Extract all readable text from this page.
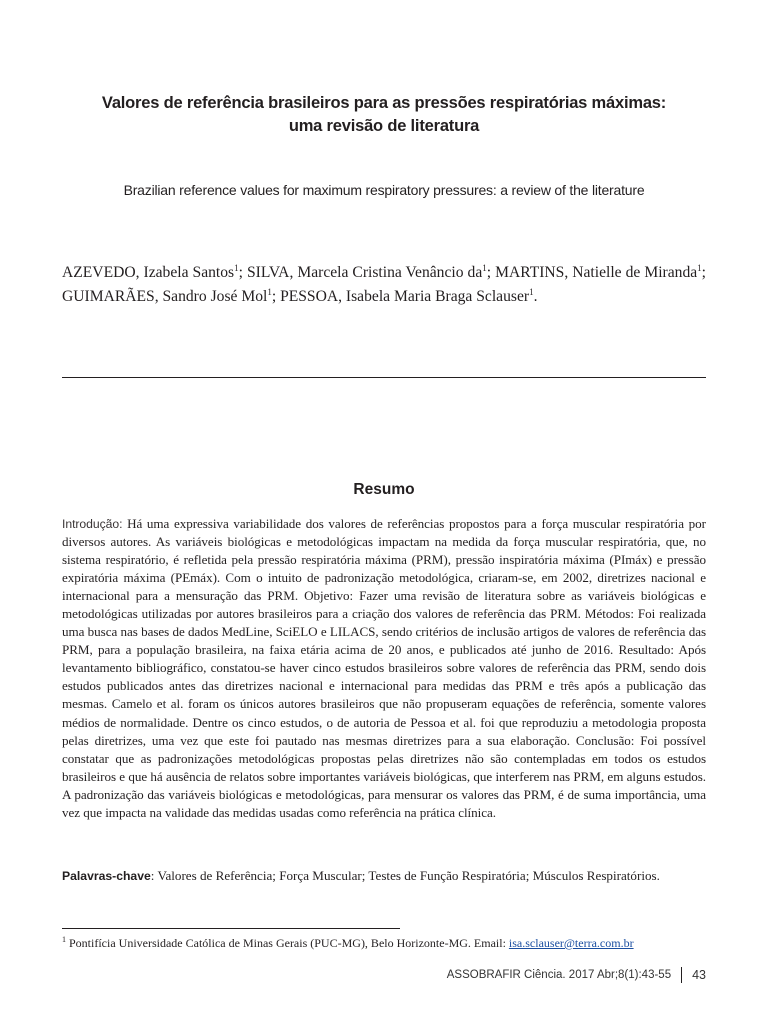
Valores de referência brasileiros para as pressões respiratórias máximas:
uma revisão de literatura
Brazilian reference values for maximum respiratory pressures: a review of the literature
AZEVEDO, Izabela Santos$^1$; SILVA, Marcela Cristina Venâncio $da^1$; MARTINS, Natielle de Miranda$^1$; GUIMARÃES, Sandro José Mol$^1$; PESSOA, Isabela Maria Braga Sclauser$^1$.
Resumo

Introdução: Há uma expressiva variabilidade dos valores de referências propostos para a força muscular respiratória por diversos autores. As variáveis biológicas e metodológicas impactam na medida da força muscular respiratória, que, no sistema respiratório, é refletida pela pressão respiratória máxima (PRM), pressão inspiratória máxima (PImáx) e pressão expiratória máxima (PEmáx). Com o intuito de padronização metodológica, criaram-se, em 2002, diretrizes nacional e internacional para a mensuração das PRM. Objetivo: Fazer uma revisão de literatura sobre as variáveis biológicas e metodológicas utilizadas por autores brasileiros para a criação dos valores de referência das PRM. Métodos: Foi realizada uma busca nas bases de dados MedLine, SciELO e LILACS, sendo critérios de inclusão artigos de valores de referência das PRM, para a população brasileira, na faixa etária acima de 20 anos, e publicados até junho de 2016. Resultado: Após levantamento bibliográfico, constatou-se haver cinco estudos brasileiros sobre valores de referência das PRM, sendo dois estudos publicados antes das diretrizes nacional e internacional para medidas das PRM e três após a publicação das mesmas. Camelo et al. foram os únicos autores brasileiros que não propuseram equações de referência, somente valores médios de normalidade. Dentre os cinco estudos, o de autoria de Pessoa et al. foi que reproduziu a metodologia proposta pelas diretrizes, uma vez que este foi pautado nas mesmas diretrizes para a sua elaboração. Conclusão: Foi possível constatar que as padronizações metodológicas propostas pelas diretrizes não são contempladas em todos os estudos brasileiros e que há ausência de relatos sobre importantes variáveis biológicas, que interferem nas PRM, em alguns estudos. A padronização das variáveis biológicas e metodológicas, para mensurar os valores das PRM, é de suma importância, uma vez que impacta na validade das medidas usadas como referência na prática clínica.

Palavras-chave: Valores de Referência; Força Muscular; Testes de Função Respiratória; Músculos Respiratórios.

$^1$ Pontifícia Universidade Católica de Minas Gerais (PUC-MG), Belo Horizonte-MG. Email: isa.sclauser@terra.com.br
ASSOBRAFIR Ciência. 2017 Abr;8(1):43-55 43
